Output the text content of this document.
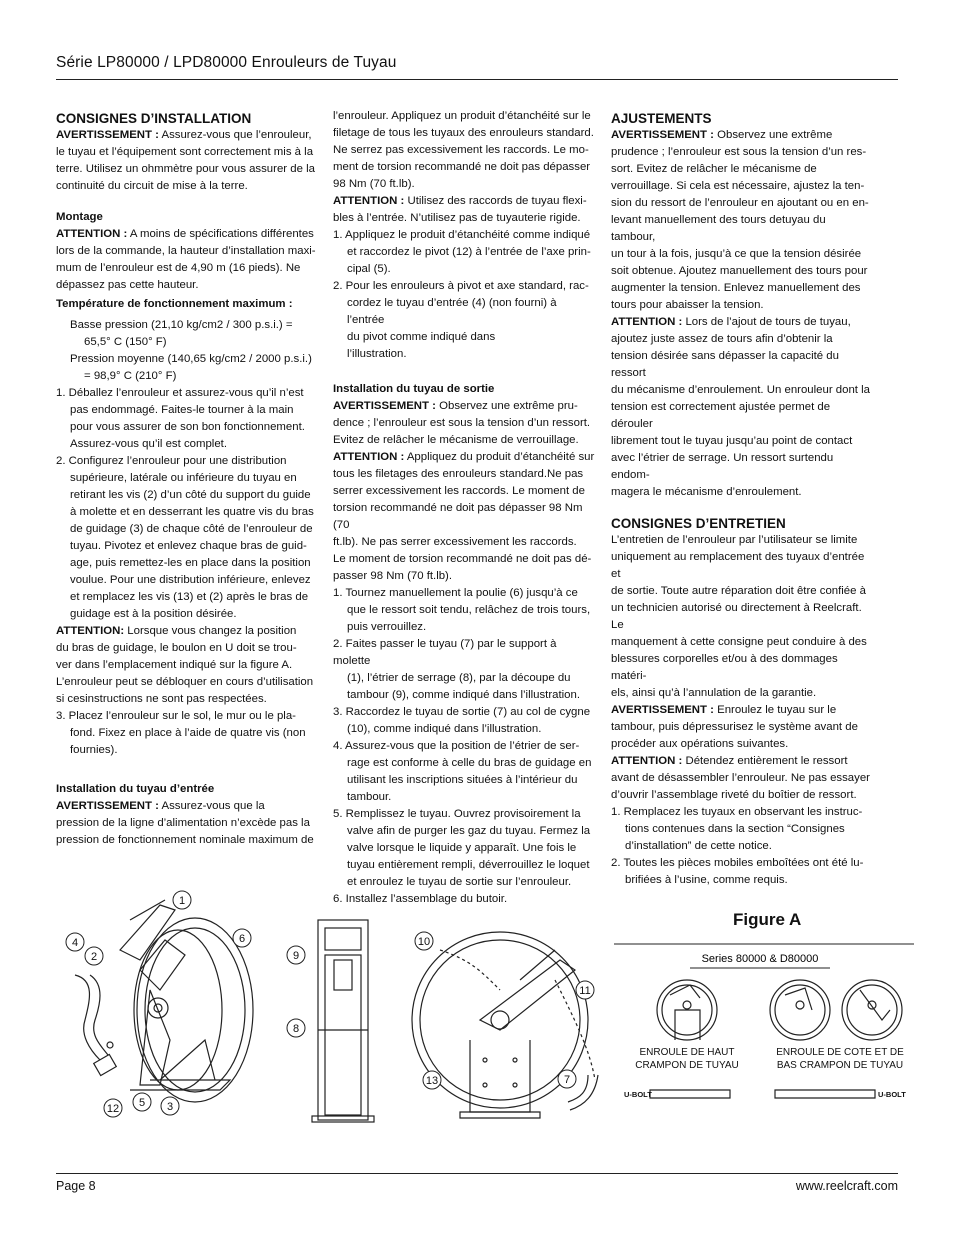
Série LP80000 / LPD80000 Enrouleurs de Tuyau

CONSIGNES D’INSTALLATION

AVERTISSEMENT : Assurez-vous que l’enrouleur,

le tuyau et l’équipement sont correctement mis à la

terre. Utilisez un ohmmètre pour vous assurer de la

continuité du circuit de mise à la terre.

Montage

ATTENTION : A moins de spécifications différentes

lors de la commande, la hauteur d’installation maxi-

mum de l’enrouleur est de 4,90 m (16 pieds). Ne

dépassez pas cette hauteur.

Température de fonctionnement maximum :

Basse pression (21,10 kg/cm2 / 300 p.s.i.) =

65,5° C (150° F)

Pression moyenne (140,65 kg/cm2 / 2000 p.s.i.)

= 98,9° C (210° F)

1. Déballez l’enrouleur et assurez-vous qu’il n’est

pas endommagé. Faites-le tourner à la main

pour vous assurer de son bon fonctionnement.

Assurez-vous qu’il est complet.

2. Configurez l’enrouleur pour une distribution

supérieure, latérale ou inférieure du tuyau en

retirant les vis (2) d’un côté du support du guide

à molette et en desserrant les quatre vis du bras

de guidage (3) de chaque côté de l’enrouleur de

tuyau. Pivotez et enlevez chaque bras de guid-

age, puis remettez-les en place dans la position

voulue. Pour une distribution inférieure, enlevez

et remplacez les vis (13) et (2) après le bras de

guidage est à la position désirée.

ATTENTION: Lorsque vous changez la position

du bras de guidage, le boulon en U doit se trou-

ver dans l’emplacement indiqué sur la figure A.

L’enrouleur peut se débloquer en cours d’utilisation

si cesinstructions ne sont pas respectées.

3. Placez l’enrouleur sur le sol, le mur ou le pla-

fond. Fixez en place à l’aide de quatre vis (non

fournies).

Installation du tuyau d’entrée

AVERTISSEMENT : Assurez-vous que la

pression de la ligne d’alimentation n’excède pas la

pression de fonctionnement nominale maximum de

l’enrouleur. Appliquez un produit d’étanchéité sur le

filetage de tous les tuyaux des enrouleurs standard.

Ne serrez pas excessivement les raccords. Le mo-

ment de torsion recommandé ne doit pas dépasser

98 Nm (70 ft.lb).

ATTENTION : Utilisez des raccords de tuyau flexi-

bles à l’entrée. N’utilisez pas de tuyauterie rigide.

1. Appliquez le produit d’étanchéité comme indiqué

et raccordez le pivot (12) à l’entrée de l’axe prin-

cipal (5).

2. Pour les enrouleurs à pivot et axe standard, rac-

cordez le tuyau d’entrée (4) (non fourni) à l’entrée

du pivot comme indiqué dans

l’illustration.

Installation du tuyau de sortie

AVERTISSEMENT : Observez une extrême pru-

dence ; l’enrouleur est sous la tension d’un ressort.

Evitez de relâcher le mécanisme de verrouillage.

ATTENTION : Appliquez du produit d’étanchéité sur

tous les filetages des enrouleurs standard.Ne pas

serrer excessivement les raccords. Le moment de

torsion recommandé ne doit pas dépasser 98 Nm (70

ft.lb). Ne pas serrer excessivement les raccords.

Le moment de torsion recommandé ne doit pas dé-

passer 98 Nm (70 ft.lb).

1. Tournez manuellement la poulie (6) jusqu’à ce

que le ressort soit tendu, relâchez de trois tours,

puis verrouillez.

2. Faites passer le tuyau (7) par le support à molette

(1), l’étrier de serrage (8), par la découpe du

tambour (9), comme indiqué dans l’illustration.

3. Raccordez le tuyau de sortie (7) au col de cygne

(10), comme indiqué dans l’illustration.

4. Assurez-vous que la position de l’étrier de ser-

rage est conforme à celle du bras de guidage en

utilisant les inscriptions situées à l’intérieur du

tambour.

5. Remplissez le tuyau. Ouvrez provisoirement la

valve afin de purger les gaz du tuyau. Fermez la

valve lorsque le liquide y apparaît. Une fois le

tuyau entièrement rempli, déverrouillez le loquet

et enroulez le tuyau de sortie sur l’enrouleur.

6. Installez l’assemblage du butoir.

AJUSTEMENTS

AVERTISSEMENT : Observez une extrême

prudence ; l’enrouleur est sous la tension d’un res-

sort. Evitez de relâcher le mécanisme de

verrouillage. Si cela est nécessaire, ajustez la ten-

sion du ressort de l’enrouleur en ajoutant ou en en-

levant manuellement des tours detuyau du tambour,

un tour à la fois, jusqu’à ce que la tension désirée

soit obtenue. Ajoutez manuellement des tours pour

augmenter la tension. Enlevez manuellement des

tours pour abaisser la tension.

ATTENTION : Lors de l’ajout de tours de tuyau,

ajoutez juste assez de tours afin d’obtenir la

tension désirée sans dépasser la capacité du ressort

du mécanisme d’enroulement. Un enrouleur dont la

tension est correctement ajustée permet de dérouler

librement tout le tuyau jusqu’au point de contact

avec l’étrier de serrage. Un ressort surtendu endom-

magera le mécanisme d’enroulement.

CONSIGNES D’ENTRETIEN

L’entretien de l’enrouleur par l’utilisateur se limite

uniquement au remplacement des tuyaux d’entrée et

de sortie. Toute autre réparation doit être confiée à

un technicien autorisé ou directement à Reelcraft. Le

manquement à cette consigne peut conduire à des

blessures corporelles et/ou à des dommages matéri-

els, ainsi qu’à l’annulation de la garantie.

AVERTISSEMENT : Enroulez le tuyau sur le

tambour, puis dépressurisez le système avant de

procéder aux opérations suivantes.

ATTENTION : Détendez entièrement le ressort

avant de désassembler l’enrouleur. Ne pas essayer

d’ouvrir l’assemblage riveté du boîtier de ressort.

1. Remplacez les tuyaux en observant les instruc-

tions contenues dans la section “Consignes

d’installation” de cette notice.

2. Toutes les pièces mobiles emboîtées ont été lu-

brifiées à l’usine, comme requis.

Figure A
1
2
3
4
5
6
7
8
9
10
11
12
13
Series 80000 & D80000
ENROULE DE HAUT
CRAMPON DE TUYAU
ENROULE DE COTE ET DE
BAS CRAMPON DE TUYAU
U-BOLT	U-BOLT
Page 8	www.reelcraft.com
